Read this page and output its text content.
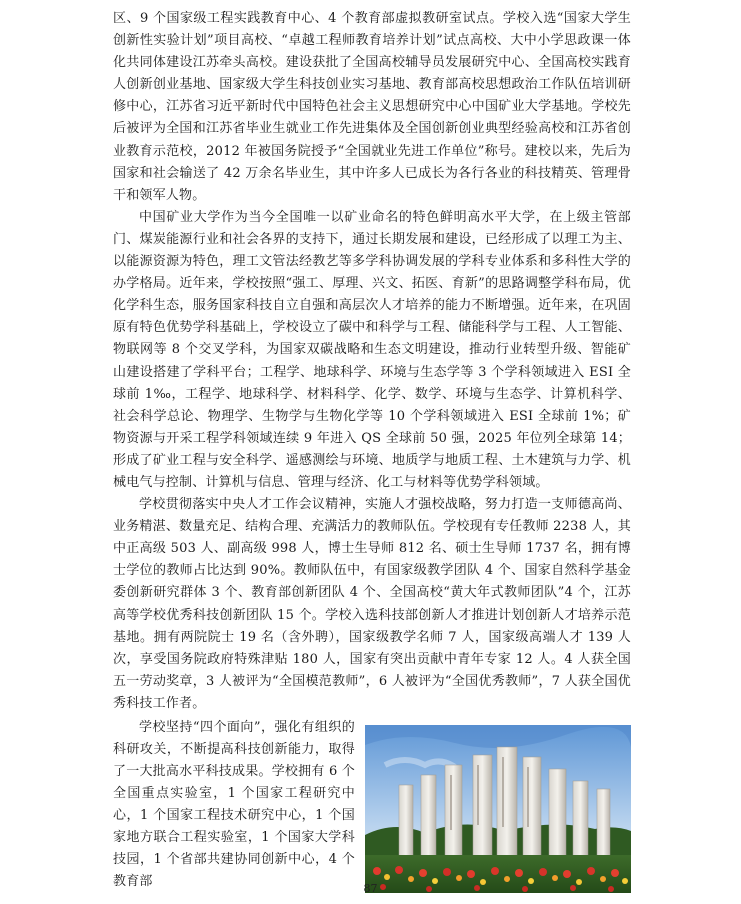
区、9 个国家级工程实践教育中心、4 个教育部虚拟教研室试点。学校入选“国家大学生创新性实验计划”项目高校、“卓越工程师教育培养计划”试点高校、大中小学思政课一体化共同体建设江苏牵头高校。建设获批了全国高校辅导员发展研究中心、全国高校实践育人创新创业基地、国家级大学生科技创业实习基地、教育部高校思想政治工作队伍培训研修中心，江苏省习近平新时代中国特色社会主义思想研究中心中国矿业大学基地。学校先后被评为全国和江苏省毕业生就业工作先进集体及全国创新创业典型经验高校和江苏省创业教育示范校，2012 年被国务院授予“全国就业先进工作单位”称号。建校以来，先后为国家和社会输送了 42 万余名毕业生，其中许多人已成长为各行各业的科技精英、管理骨干和领军人物。

中国矿业大学作为当今全国唯一以矿业命名的特色鲜明高水平大学，在上级主管部门、煤炭能源行业和社会各界的支持下，通过长期发展和建设，已经形成了以理工为主、以能源资源为特色，理工文管法经教艺等多学科协调发展的学科专业体系和多科性大学的办学格局。近年来，学校按照“强工、厚理、兴文、拓医、育新”的思路调整学科布局，优化学科生态，服务国家科技自立自强和高层次人才培养的能力不断增强。近年来，在巩固原有特色优势学科基础上，学校设立了碳中和科学与工程、储能科学与工程、人工智能、物联网等 8 个交叉学科，为国家双碳战略和生态文明建设，推动行业转型升级、智能矿山建设搭建了学科平台；工程学、地球科学、环境与生态学等 3 个学科领域进入 ESI 全球前 1‰，工程学、地球科学、材料科学、化学、数学、环境与生态学、计算机科学、社会科学总论、物理学、生物学与生物化学等 10 个学科领域进入 ESI 全球前 1%；矿物资源与开采工程学科领域连续 9 年进入 QS 全球前 50 强，2025 年位列全球第 14；形成了矿业工程与安全科学、遥感测绘与环境、地质学与地质工程、土木建筑与力学、机械电气与控制、计算机与信息、管理与经济、化工与材料等优势学科领域。

学校贯彻落实中央人才工作会议精神，实施人才强校战略，努力打造一支师德高尚、业务精湛、数量充足、结构合理、充满活力的教师队伍。学校现有专任教师 2238 人，其中正高级 503 人、副高级 998 人，博士生导师 812 名、硕士生导师 1737 名，拥有博士学位的教师占比达到 90%。教师队伍中，有国家级教学团队 4 个、国家自然科学基金委创新研究群体 3 个、教育部创新团队 4 个、全国高校“黄大年式教师团队”4 个，江苏高等学校优秀科技创新团队 15 个。学校入选科技部创新人才推进计划创新人才培养示范基地。拥有两院院士 19 名（含外聘），国家级教学名师 7 人，国家级高端人才 139 人次，享受国务院政府特殊津贴 180 人，国家有突出贡献中青年专家 12 人。4 人获全国五一劳动奖章，3 人被评为“全国模范教师”，6 人被评为“全国优秀教师”，7 人获全国优秀科技工作者。

学校坚持“四个面向”，强化有组织的科研攻关，不断提高科技创新能力，取得了一大批高水平科技成果。学校拥有 6 个全国重点实验室，1 个国家工程研究中心，1 个国家工程技术研究中心，1 个国家地方联合工程实验室，1 个国家大学科技园，1 个省部共建协同创新中心，4 个教育部	87
